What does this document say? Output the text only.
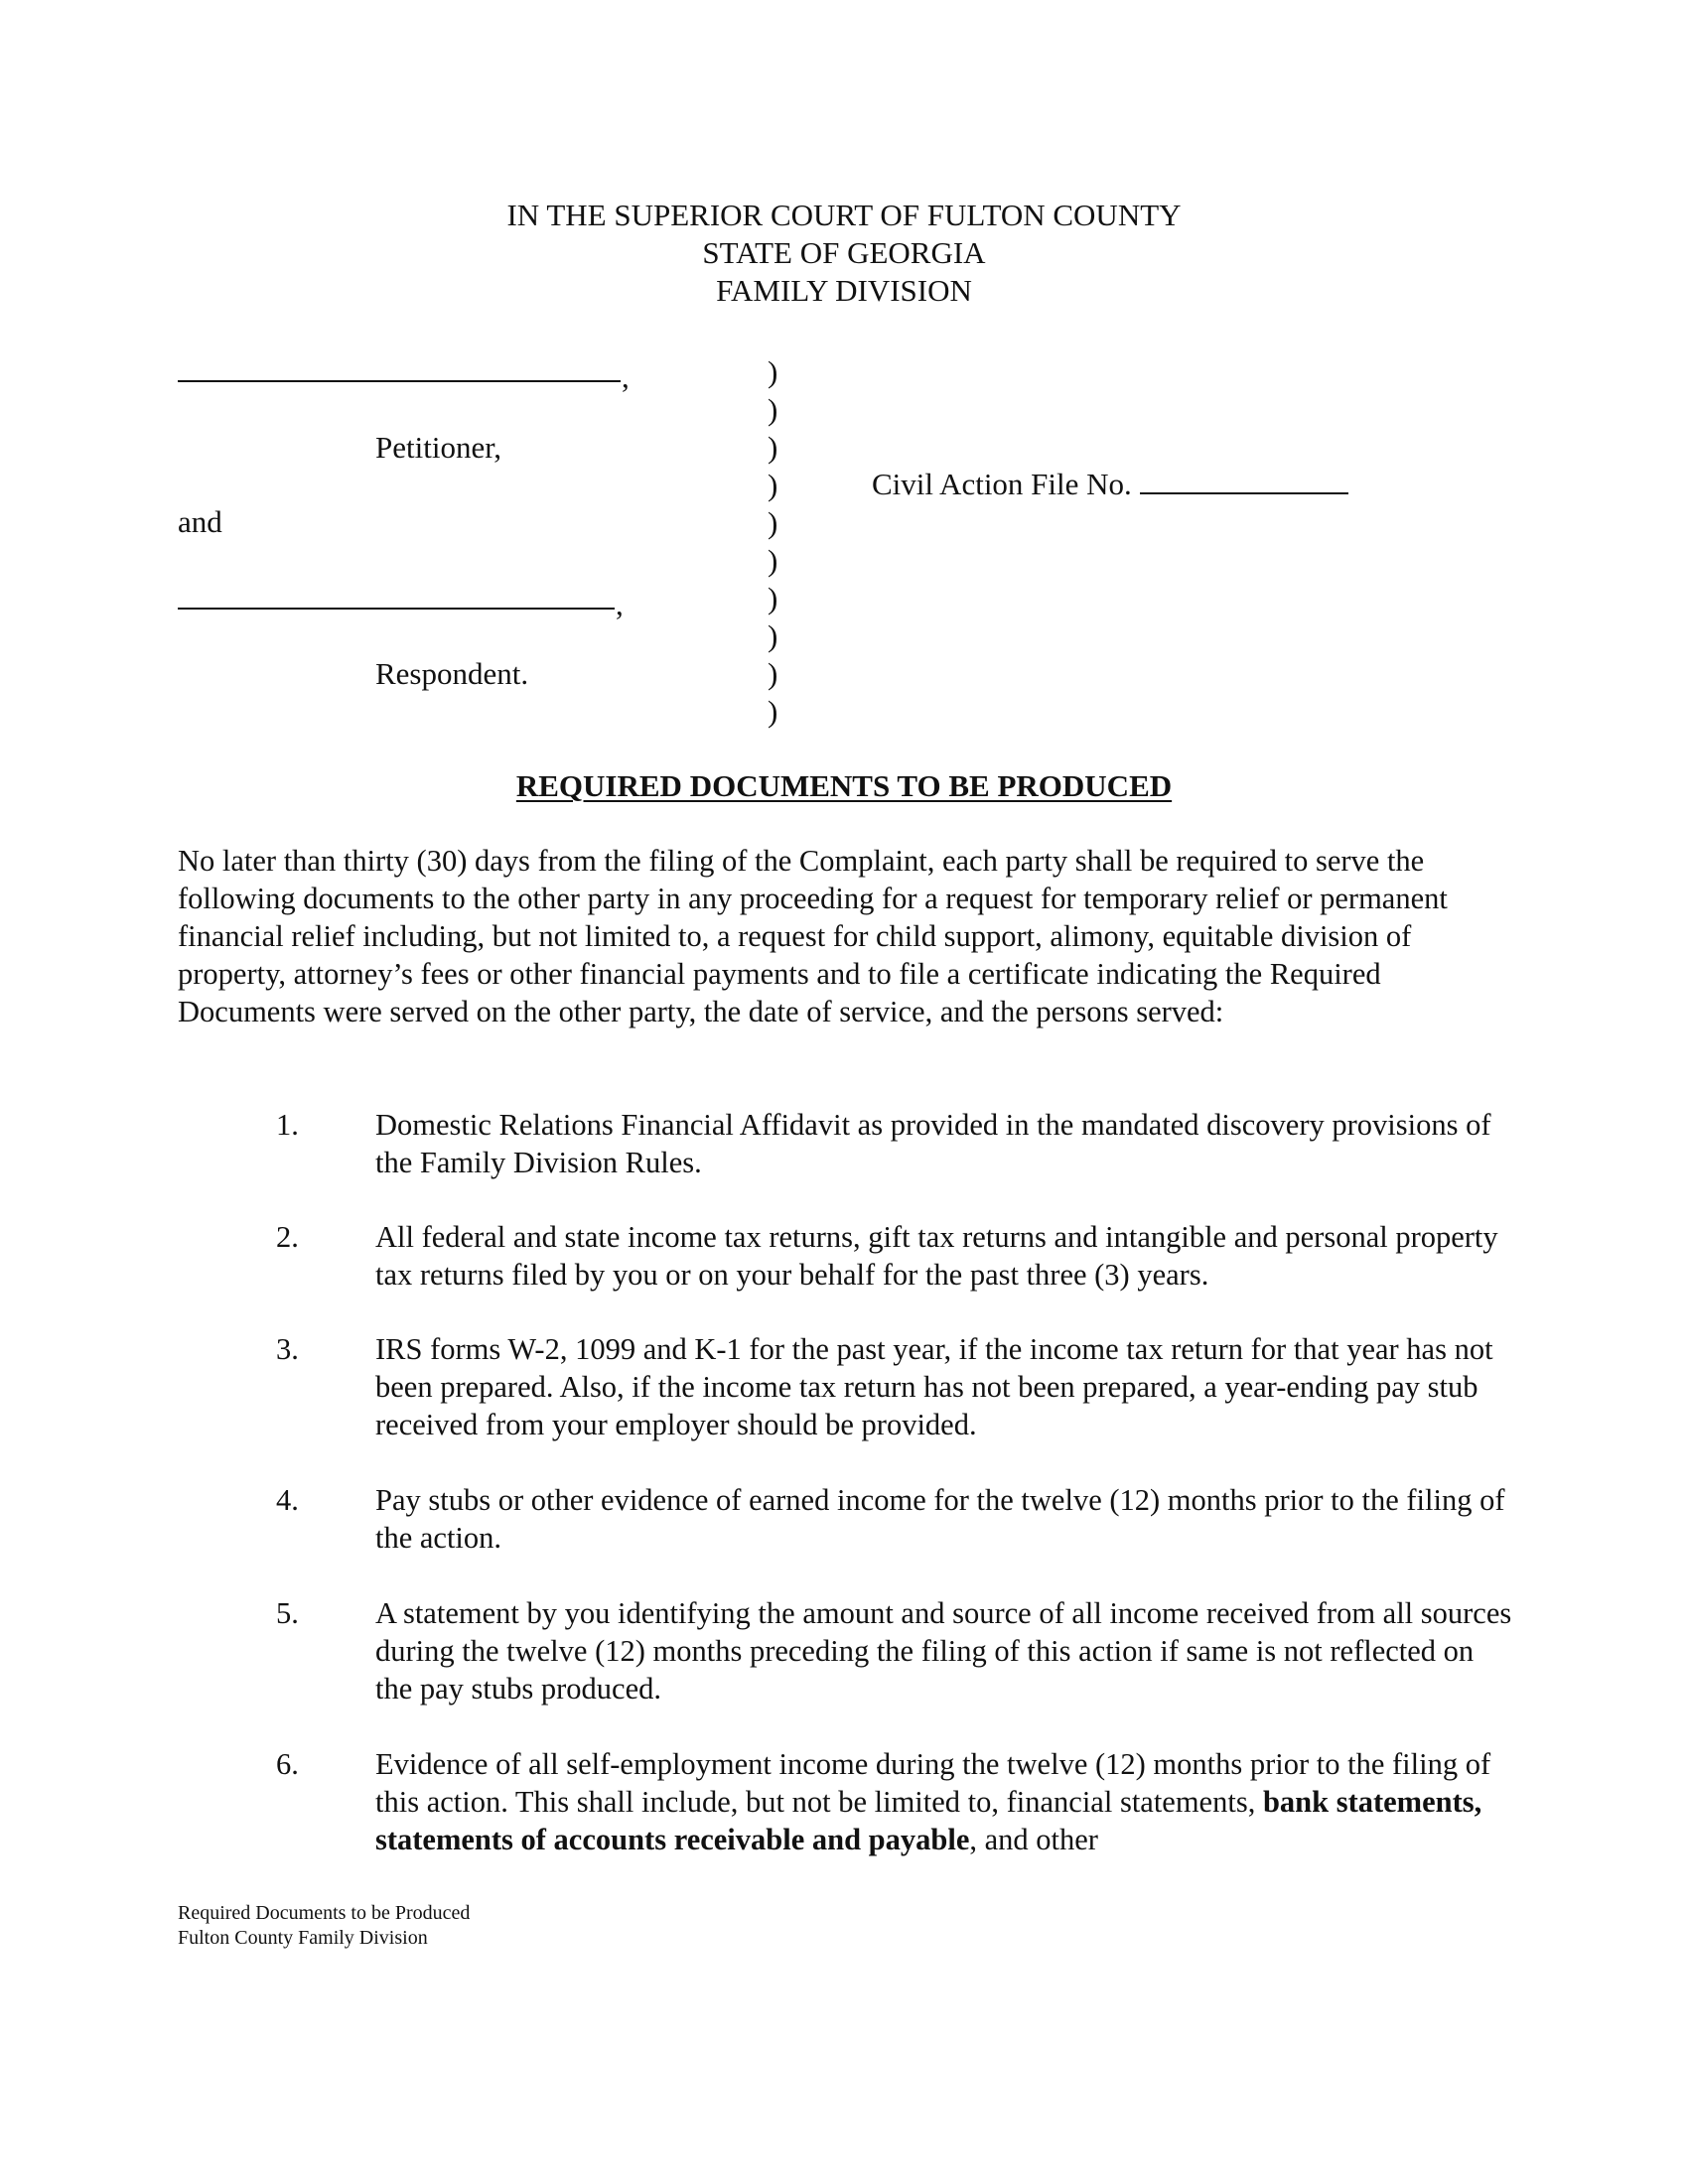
IN THE SUPERIOR COURT OF FULTON COUNTY
STATE OF GEORGIA
FAMILY DIVISION
,
Petitioner,
and
,
Respondent.
)
)
)
)
)
)
)
)
)
)
Civil Action File No.
REQUIRED DOCUMENTS TO BE PRODUCED

No later than thirty (30) days from the filing of the Complaint, each party shall be required to serve the following documents to the other party in any proceeding for a request for temporary relief or permanent financial relief including, but not limited to, a request for child support, alimony, equitable division of property, attorney’s fees or other financial payments and to file a certificate indicating the Required Documents were served on the other party, the date of service, and the persons served:

1.	Domestic Relations Financial Affidavit as provided in the mandated discovery provisions of the Family Division Rules.

2.	All federal and state income tax returns, gift tax returns and intangible and personal property tax returns filed by you or on your behalf for the past three (3) years.

3.	IRS forms W-2, 1099 and K-1 for the past year, if the income tax return for that year has not been prepared. Also, if the income tax return has not been prepared, a year-ending pay stub received from your employer should be provided.

4.	Pay stubs or other evidence of earned income for the twelve (12) months prior to the filing of the action.

5.	A statement by you identifying the amount and source of all income received from all sources during the twelve (12) months preceding the filing of this action if same is not reflected on the pay stubs produced.

6.	Evidence of all self-employment income during the twelve (12) months prior to the filing of this action. This shall include, but not be limited to, financial statements, bank statements, statements of accounts receivable and payable, and other

Required Documents to be Produced
Fulton County Family Division
